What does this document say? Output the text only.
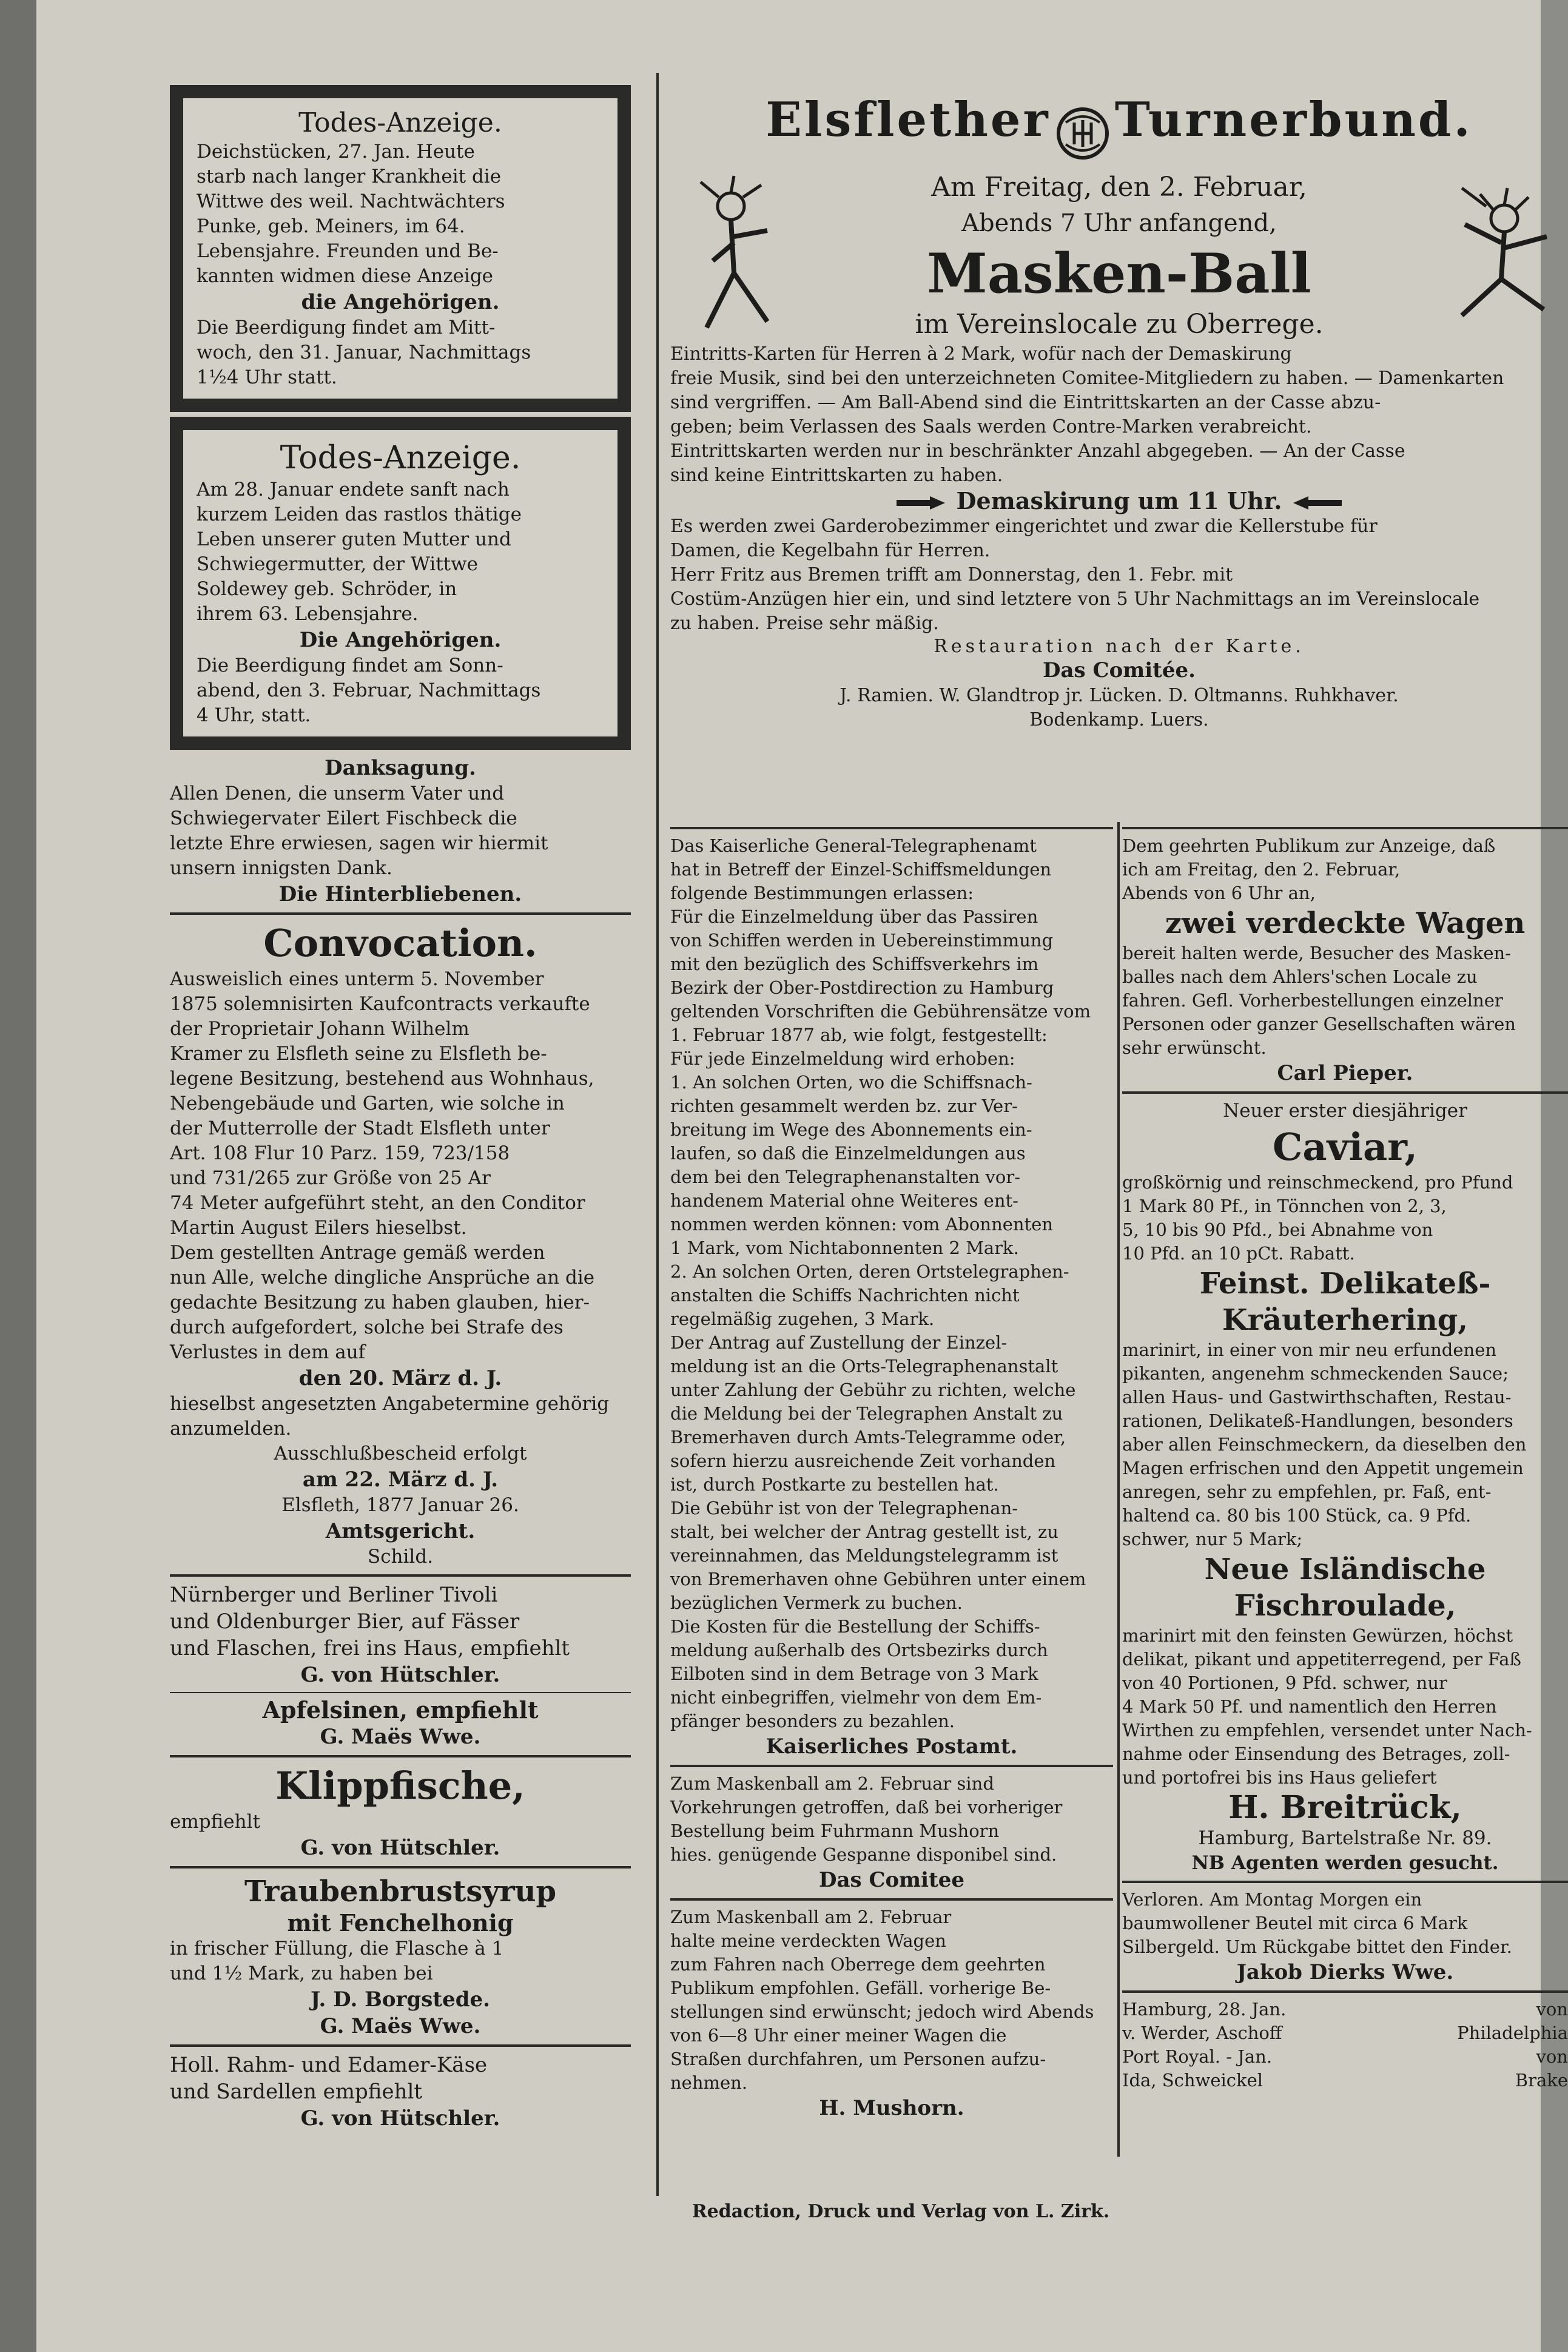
Todes-Anzeige.

Deichstücken, 27. Jan. Heute

starb nach langer Krankheit die

Wittwe des weil. Nachtwächters

Punke, geb. Meiners, im 64.

Lebensjahre. Freunden und Be-

kannten widmen diese Anzeige

die Angehörigen.

Die Beerdigung findet am Mitt-

woch, den 31. Januar, Nachmittags

1½4 Uhr statt.

Todes-Anzeige.

Am 28. Januar endete sanft nach

kurzem Leiden das rastlos thätige

Leben unserer guten Mutter und

Schwiegermutter, der Wittwe

Soldewey geb. Schröder, in

ihrem 63. Lebensjahre.

Die Angehörigen.

Die Beerdigung findet am Sonn-

abend, den 3. Februar, Nachmittags

4 Uhr, statt.

Danksagung.

Allen Denen, die unserm Vater und

Schwiegervater Eilert Fischbeck die

letzte Ehre erwiesen, sagen wir hiermit

unsern innigsten Dank.

Die Hinterbliebenen.

Convocation.

Ausweislich eines unterm 5. November

1875 solemnisirten Kaufcontracts verkaufte

der Proprietair Johann Wilhelm

Kramer zu Elsfleth seine zu Elsfleth be-

legene Besitzung, bestehend aus Wohnhaus,

Nebengebäude und Garten, wie solche in

der Mutterrolle der Stadt Elsfleth unter

Art. 108 Flur 10 Parz. 159, 723/158

und 731/265 zur Größe von 25 Ar

74 Meter aufgeführt steht, an den Conditor

Martin August Eilers hieselbst.

Dem gestellten Antrage gemäß werden

nun Alle, welche dingliche Ansprüche an die

gedachte Besitzung zu haben glauben, hier-

durch aufgefordert, solche bei Strafe des

Verlustes in dem auf

den 20. März d. J.

hieselbst angesetzten Angabetermine gehörig

anzumelden.

Ausschlußbescheid erfolgt

am 22. März d. J.

Elsfleth, 1877 Januar 26.

Amtsgericht.

Schild.

Nürnberger und Berliner Tivoli

und Oldenburger Bier, auf Fässer

und Flaschen, frei ins Haus, empfiehlt

G. von Hütschler.

Apfelsinen, empfiehlt

G. Maës Wwe.

Klippfische,

empfiehlt

G. von Hütschler.

Traubenbrustsyrup

mit Fenchelhonig

in frischer Füllung, die Flasche à 1

und 1½ Mark, zu haben bei

J. D. Borgstede.

G. Maës Wwe.

Holl. Rahm- und Edamer-Käse

und Sardellen empfiehlt

G. von Hütschler.

Elsflether Turnerbund.

Am Freitag, den 2. Februar,

Abends 7 Uhr anfangend,

Masken-Ball

im Vereinslocale zu Oberrege.

Eintritts-Karten für Herren à 2 Mark, wofür nach der Demaskirung

freie Musik, sind bei den unterzeichneten Comitee-Mitgliedern zu haben. — Damenkarten

sind vergriffen. — Am Ball-Abend sind die Eintrittskarten an der Casse abzu-

geben; beim Verlassen des Saals werden Contre-Marken verabreicht.

Eintrittskarten werden nur in beschränkter Anzahl abgegeben. — An der Casse

sind keine Eintrittskarten zu haben.

Demaskirung um 11 Uhr.

Es werden zwei Garderobezimmer eingerichtet und zwar die Kellerstube für

Damen, die Kegelbahn für Herren.

Herr Fritz aus Bremen trifft am Donnerstag, den 1. Febr. mit

Costüm-Anzügen hier ein, und sind letztere von 5 Uhr Nachmittags an im Vereinslocale

zu haben. Preise sehr mäßig.

Restauration nach der Karte.

Das Comitée.

J. Ramien. W. Glandtrop jr. Lücken. D. Oltmanns. Ruhkhaver.

Bodenkamp. Luers.

Das Kaiserliche General-Telegraphenamt

hat in Betreff der Einzel-Schiffsmeldungen

folgende Bestimmungen erlassen:

Für die Einzelmeldung über das Passiren

von Schiffen werden in Uebereinstimmung

mit den bezüglich des Schiffsverkehrs im

Bezirk der Ober-Postdirection zu Hamburg

geltenden Vorschriften die Gebührensätze vom

1. Februar 1877 ab, wie folgt, festgestellt:

Für jede Einzelmeldung wird erhoben:

1. An solchen Orten, wo die Schiffsnach-

richten gesammelt werden bz. zur Ver-

breitung im Wege des Abonnements ein-

laufen, so daß die Einzelmeldungen aus

dem bei den Telegraphenanstalten vor-

handenem Material ohne Weiteres ent-

nommen werden können: vom Abonnenten

1 Mark, vom Nichtabonnenten 2 Mark.

2. An solchen Orten, deren Ortstelegraphen-

anstalten die Schiffs Nachrichten nicht

regelmäßig zugehen, 3 Mark.

Der Antrag auf Zustellung der Einzel-

meldung ist an die Orts-Telegraphenanstalt

unter Zahlung der Gebühr zu richten, welche

die Meldung bei der Telegraphen Anstalt zu

Bremerhaven durch Amts-Telegramme oder,

sofern hierzu ausreichende Zeit vorhanden

ist, durch Postkarte zu bestellen hat.

Die Gebühr ist von der Telegraphenan-

stalt, bei welcher der Antrag gestellt ist, zu

vereinnahmen, das Meldungstelegramm ist

von Bremerhaven ohne Gebühren unter einem

bezüglichen Vermerk zu buchen.

Die Kosten für die Bestellung der Schiffs-

meldung außerhalb des Ortsbezirks durch

Eilboten sind in dem Betrage von 3 Mark

nicht einbegriffen, vielmehr von dem Em-

pfänger besonders zu bezahlen.

Kaiserliches Postamt.

Zum Maskenball am 2. Februar sind

Vorkehrungen getroffen, daß bei vorheriger

Bestellung beim Fuhrmann Mushorn

hies. genügende Gespanne disponibel sind.

Das Comitee

Zum Maskenball am 2. Februar

halte meine verdeckten Wagen

zum Fahren nach Oberrege dem geehrten

Publikum empfohlen. Gefäll. vorherige Be-

stellungen sind erwünscht; jedoch wird Abends

von 6—8 Uhr einer meiner Wagen die

Straßen durchfahren, um Personen aufzu-

nehmen.

H. Mushorn.

Dem geehrten Publikum zur Anzeige, daß

ich am Freitag, den 2. Februar,

Abends von 6 Uhr an,

zwei verdeckte Wagen

bereit halten werde, Besucher des Masken-

balles nach dem Ahlers'schen Locale zu

fahren. Gefl. Vorherbestellungen einzelner

Personen oder ganzer Gesellschaften wären

sehr erwünscht.

Carl Pieper.

Neuer erster diesjähriger

Caviar,

großkörnig und reinschmeckend, pro Pfund

1 Mark 80 Pf., in Tönnchen von 2, 3,

5, 10 bis 90 Pfd., bei Abnahme von

10 Pfd. an 10 pCt. Rabatt.

Feinst. Delikateß-

Kräuterhering,

marinirt, in einer von mir neu erfundenen

pikanten, angenehm schmeckenden Sauce;

allen Haus- und Gastwirthschaften, Restau-

rationen, Delikateß-Handlungen, besonders

aber allen Feinschmeckern, da dieselben den

Magen erfrischen und den Appetit ungemein

anregen, sehr zu empfehlen, pr. Faß, ent-

haltend ca. 80 bis 100 Stück, ca. 9 Pfd.

schwer, nur 5 Mark;

Neue Isländische

Fischroulade,

marinirt mit den feinsten Gewürzen, höchst

delikat, pikant und appetiterregend, per Faß

von 40 Portionen, 9 Pfd. schwer, nur

4 Mark 50 Pf. und namentlich den Herren

Wirthen zu empfehlen, versendet unter Nach-

nahme oder Einsendung des Betrages, zoll-

und portofrei bis ins Haus geliefert

H. Breitrück,

Hamburg, Bartelstraße Nr. 89.

NB Agenten werden gesucht.

Verloren. Am Montag Morgen ein

baumwollener Beutel mit circa 6 Mark

Silbergeld. Um Rückgabe bittet den Finder.

Jakob Dierks Wwe.

Hamburg, 28. Jan.	von

v. Werder, Aschoff	Philadelphia

Port Royal. - Jan.	von

Ida, Schweickel	Brake

Redaction, Druck und Verlag von L. Zirk.
